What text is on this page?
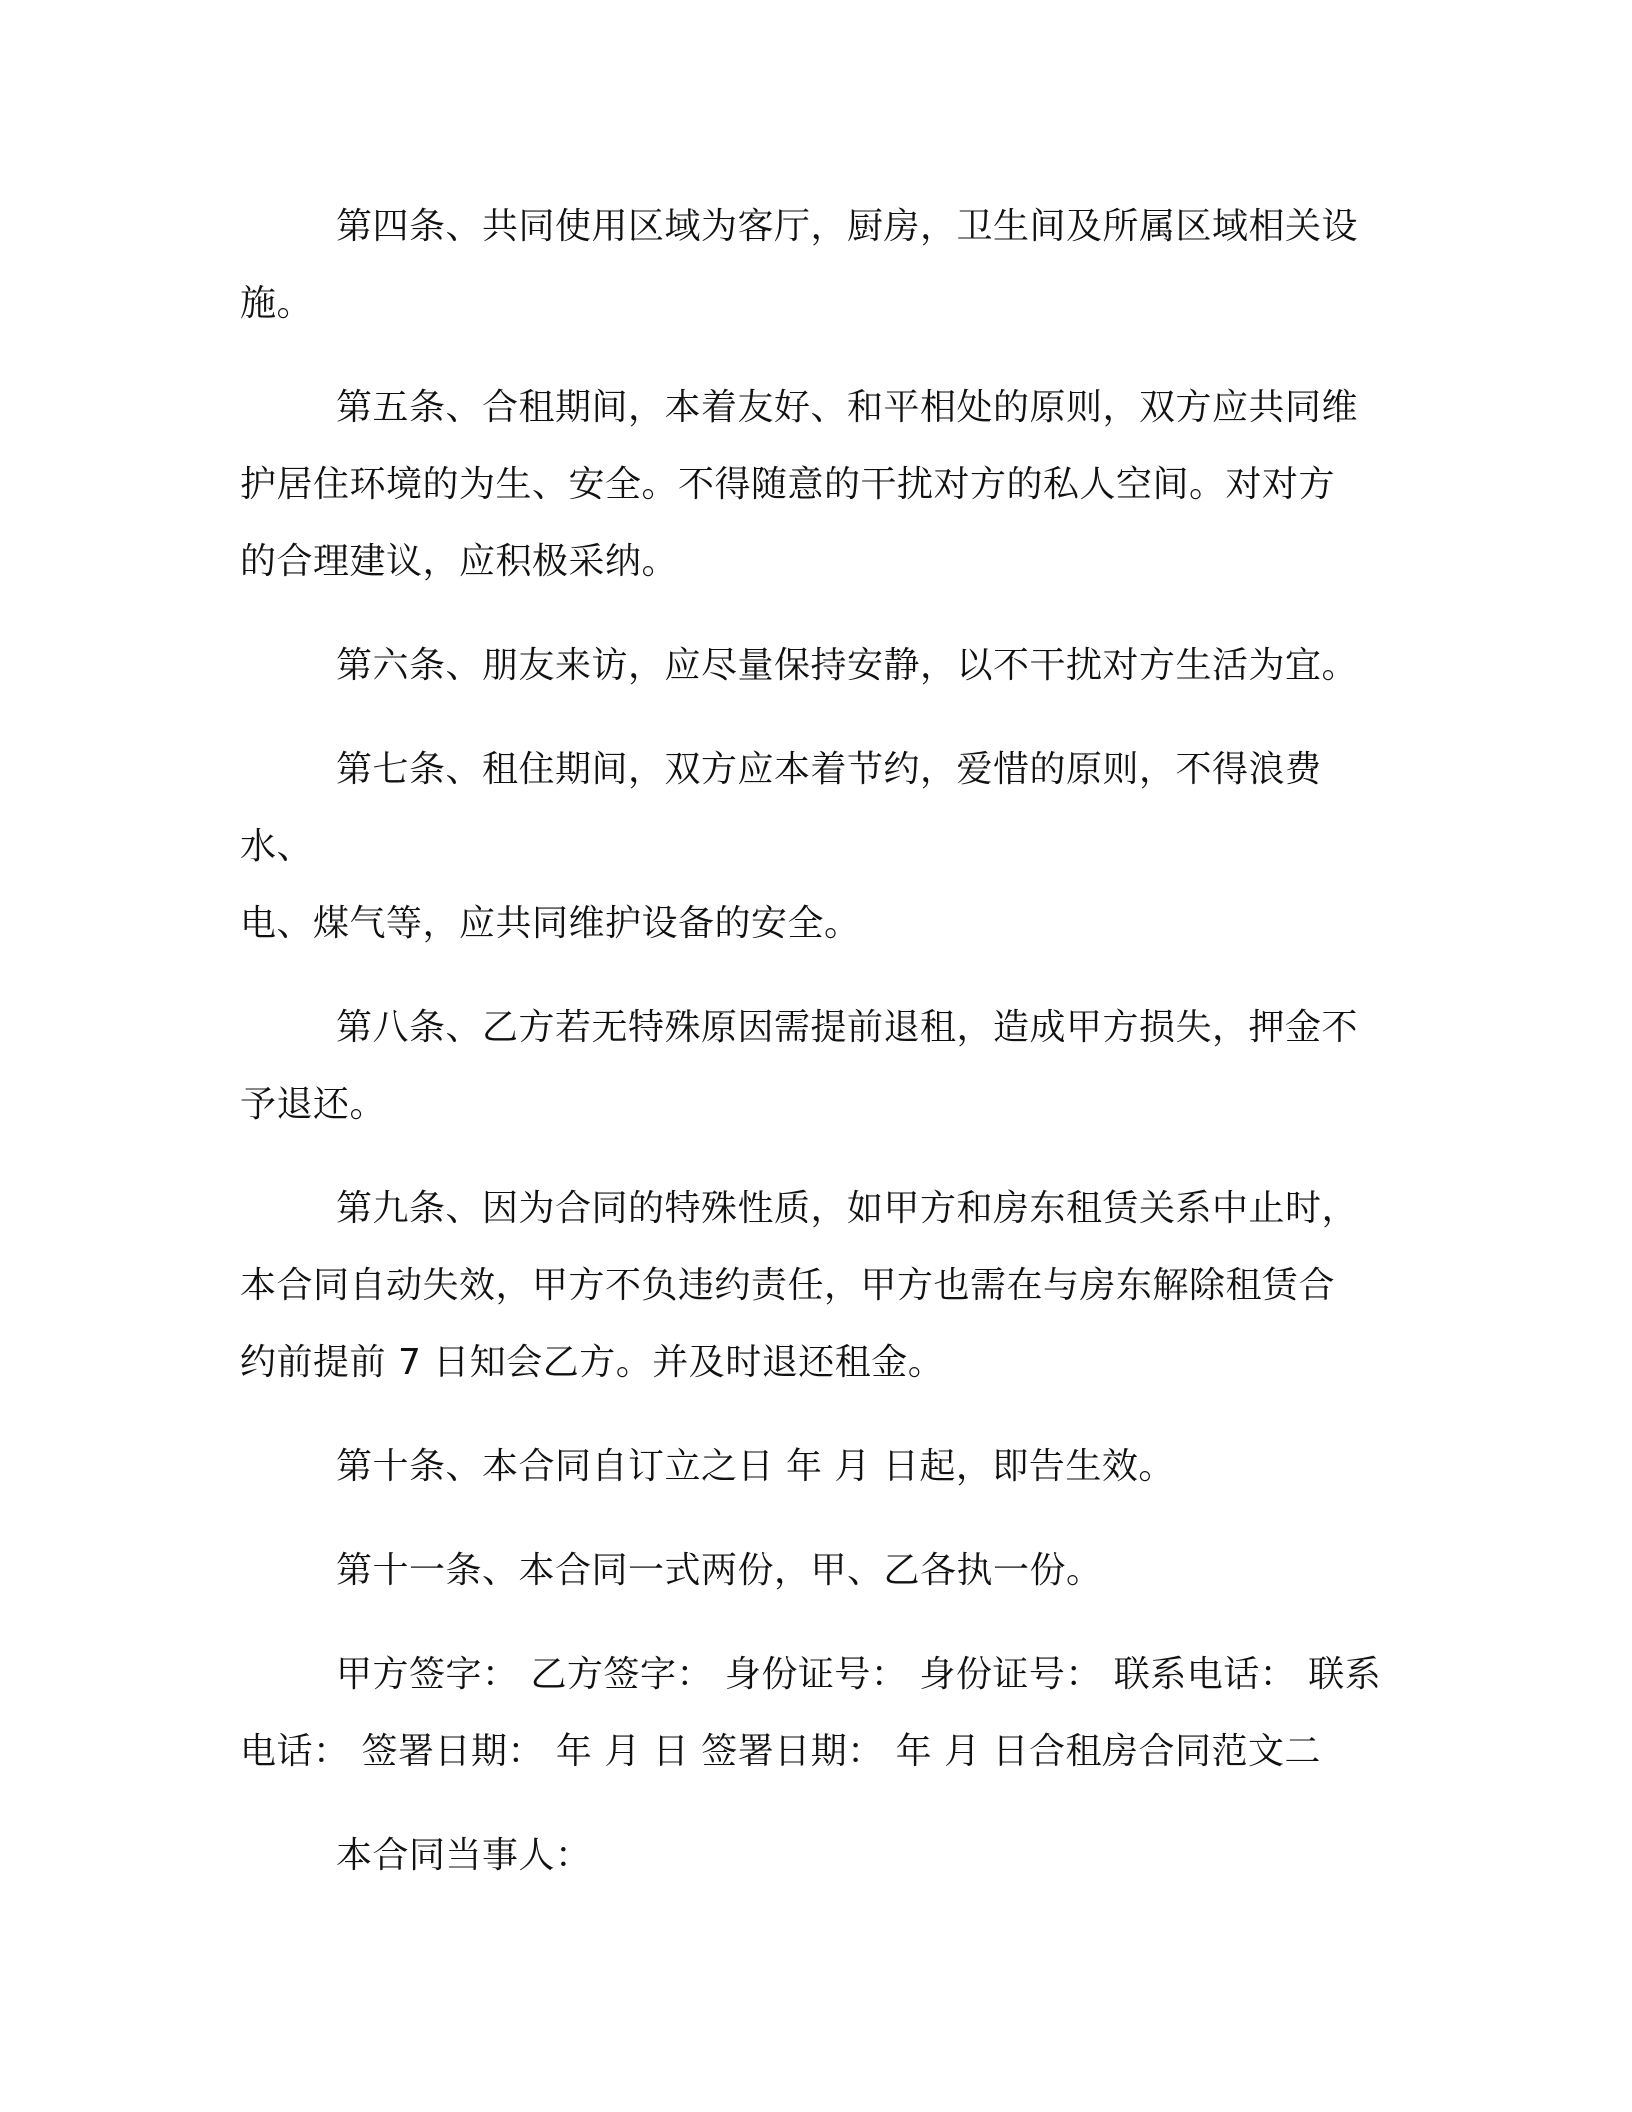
第四条、共同使用区域为客厅，厨房，卫生间及所属区域相关设
施。

第五条、合租期间，本着友好、和平相处的原则，双方应共同维
护居住环境的为生、安全。不得随意的干扰对方的私人空间。对对方
的合理建议，应积极采纳。

第六条、朋友来访，应尽量保持安静，以不干扰对方生活为宜。

第七条、租住期间，双方应本着节约，爱惜的原则，不得浪费水、
电、煤气等，应共同维护设备的安全。

第八条、乙方若无特殊原因需提前退租，造成甲方损失，押金不
予退还。

第九条、因为合同的特殊性质，如甲方和房东租赁关系中止时，
本合同自动失效，甲方不负违约责任，甲方也需在与房东解除租赁合
约前提前 7 日知会乙方。并及时退还租金。

第十条、本合同自订立之日 年 月 日起，即告生效。

第十一条、本合同一式两份，甲、乙各执一份。

甲方签字： 乙方签字： 身份证号： 身份证号： 联系电话： 联系
电话： 签署日期： 年 月 日 签署日期： 年 月 日合租房合同范文二

本合同当事人：
